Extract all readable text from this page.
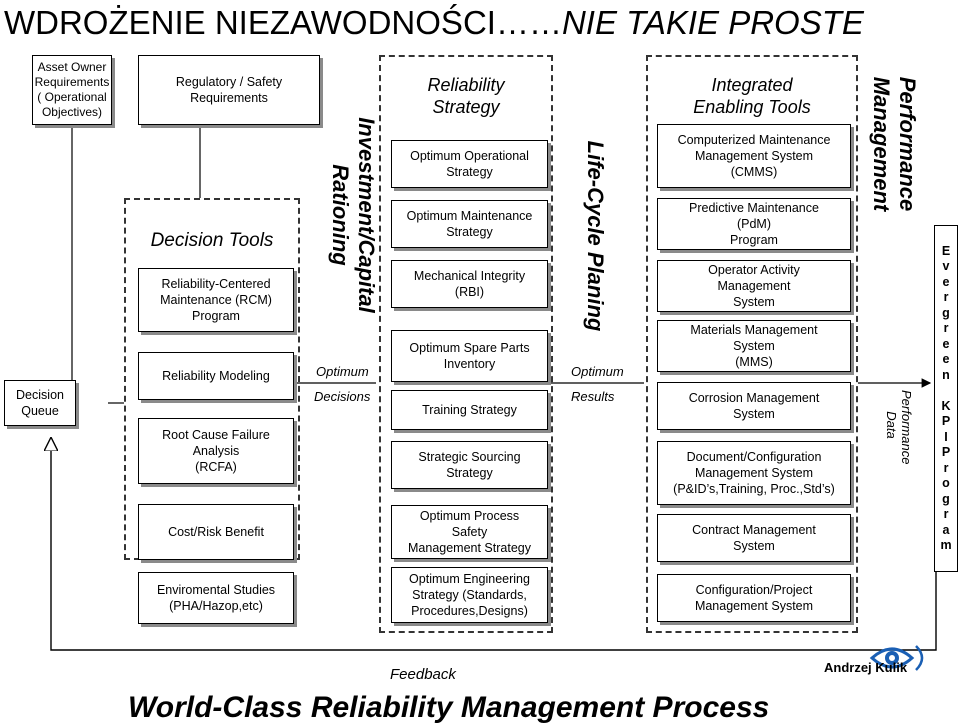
WDROŻENIE NIEZAWODNOŚCI……NIE TAKIE PROSTE
Asset Owner
Requirements
( Operational
Objectives)
Regulatory / Safety
Requirements
Decision
Queue
Decision Tools
Reliability-Centered
Maintenance (RCM)
Program
Reliability Modeling
Root Cause Failure
Analysis
(RCFA)
Cost/Risk Benefit
Enviromental Studies
(PHA/Hazop,etc)
Investment/Capital
Rationing
Optimum
Decisions
Reliability
Strategy
Optimum Operational
Strategy
Optimum Maintenance
Strategy
Mechanical Integrity
(RBI)
Optimum Spare Parts
Inventory
Training Strategy
Strategic Sourcing
Strategy
Optimum Process
Safety
Management Strategy
Optimum Engineering
Strategy (Standards,
Procedures,Designs)
Life-Cycle Planing
Optimum
Results
Integrated
Enabling Tools
Computerized Maintenance
Management System
(CMMS)
Predictive Maintenance
(PdM)
Program
Operator Activity
Management
System
Materials Management
System
(MMS)
Corrosion Management
System
Document/Configuration
Management System
(P&ID’s,Training, Proc.,Std’s)
Contract Management
System
Configuration/Project
Management System
Performance
Management
Performance
Data
E
v
e
r
g
r
e
e
n

K
P
I
P
r
o
g
r
a
m
Feedback
World-Class Reliability Management Process
Andrzej Kulik
